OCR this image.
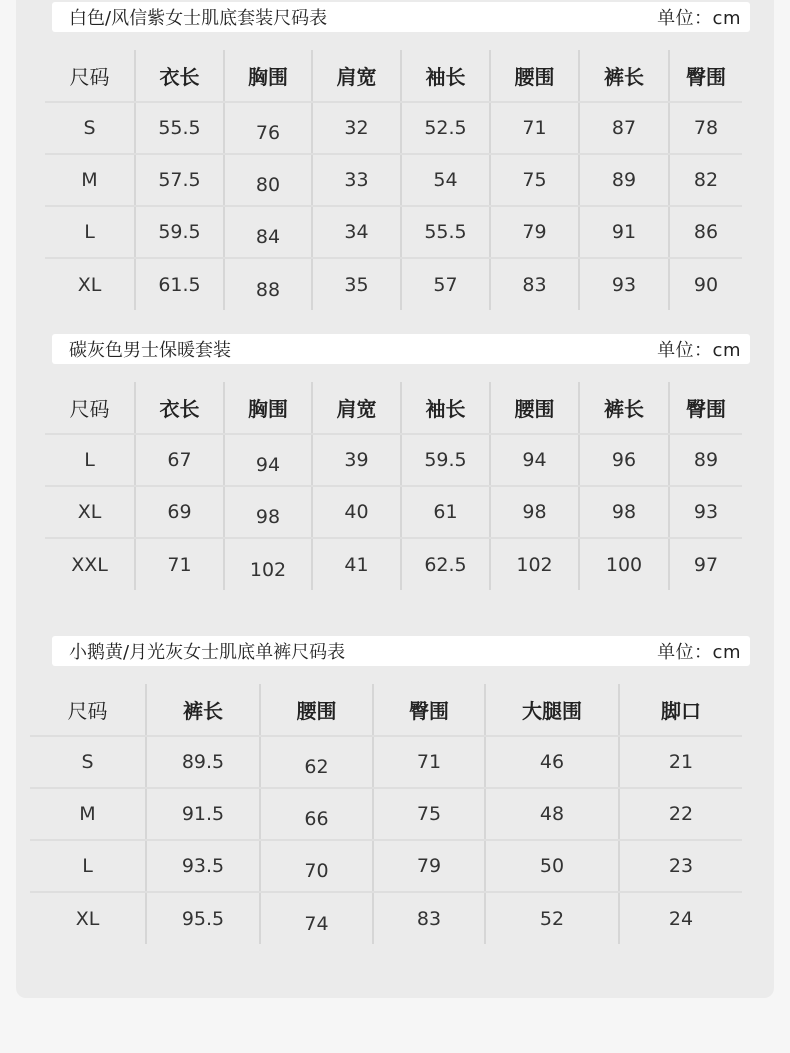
白色/风信紫女士肌底套装尺码表	单位：cm
尺码	衣长	胸围	肩宽	袖长	腰围	裤长	臀围
S	55.5	76	32	52.5	71	87	78
M	57.5	80	33	54	75	89	82
L	59.5	84	34	55.5	79	91	86
XL	61.5	88	35	57	83	93	90
碳灰色男士保暖套装	单位：cm
尺码	衣长	胸围	肩宽	袖长	腰围	裤长	臀围
L	67	94	39	59.5	94	96	89
XL	69	98	40	61	98	98	93
XXL	71	102	41	62.5	102	100	97
小鹅黄/月光灰女士肌底单裤尺码表	单位：cm
尺码	裤长	腰围	臀围	大腿围	脚口
S	89.5	62	71	46	21
M	91.5	66	75	48	22
L	93.5	70	79	50	23
XL	95.5	74	83	52	24
